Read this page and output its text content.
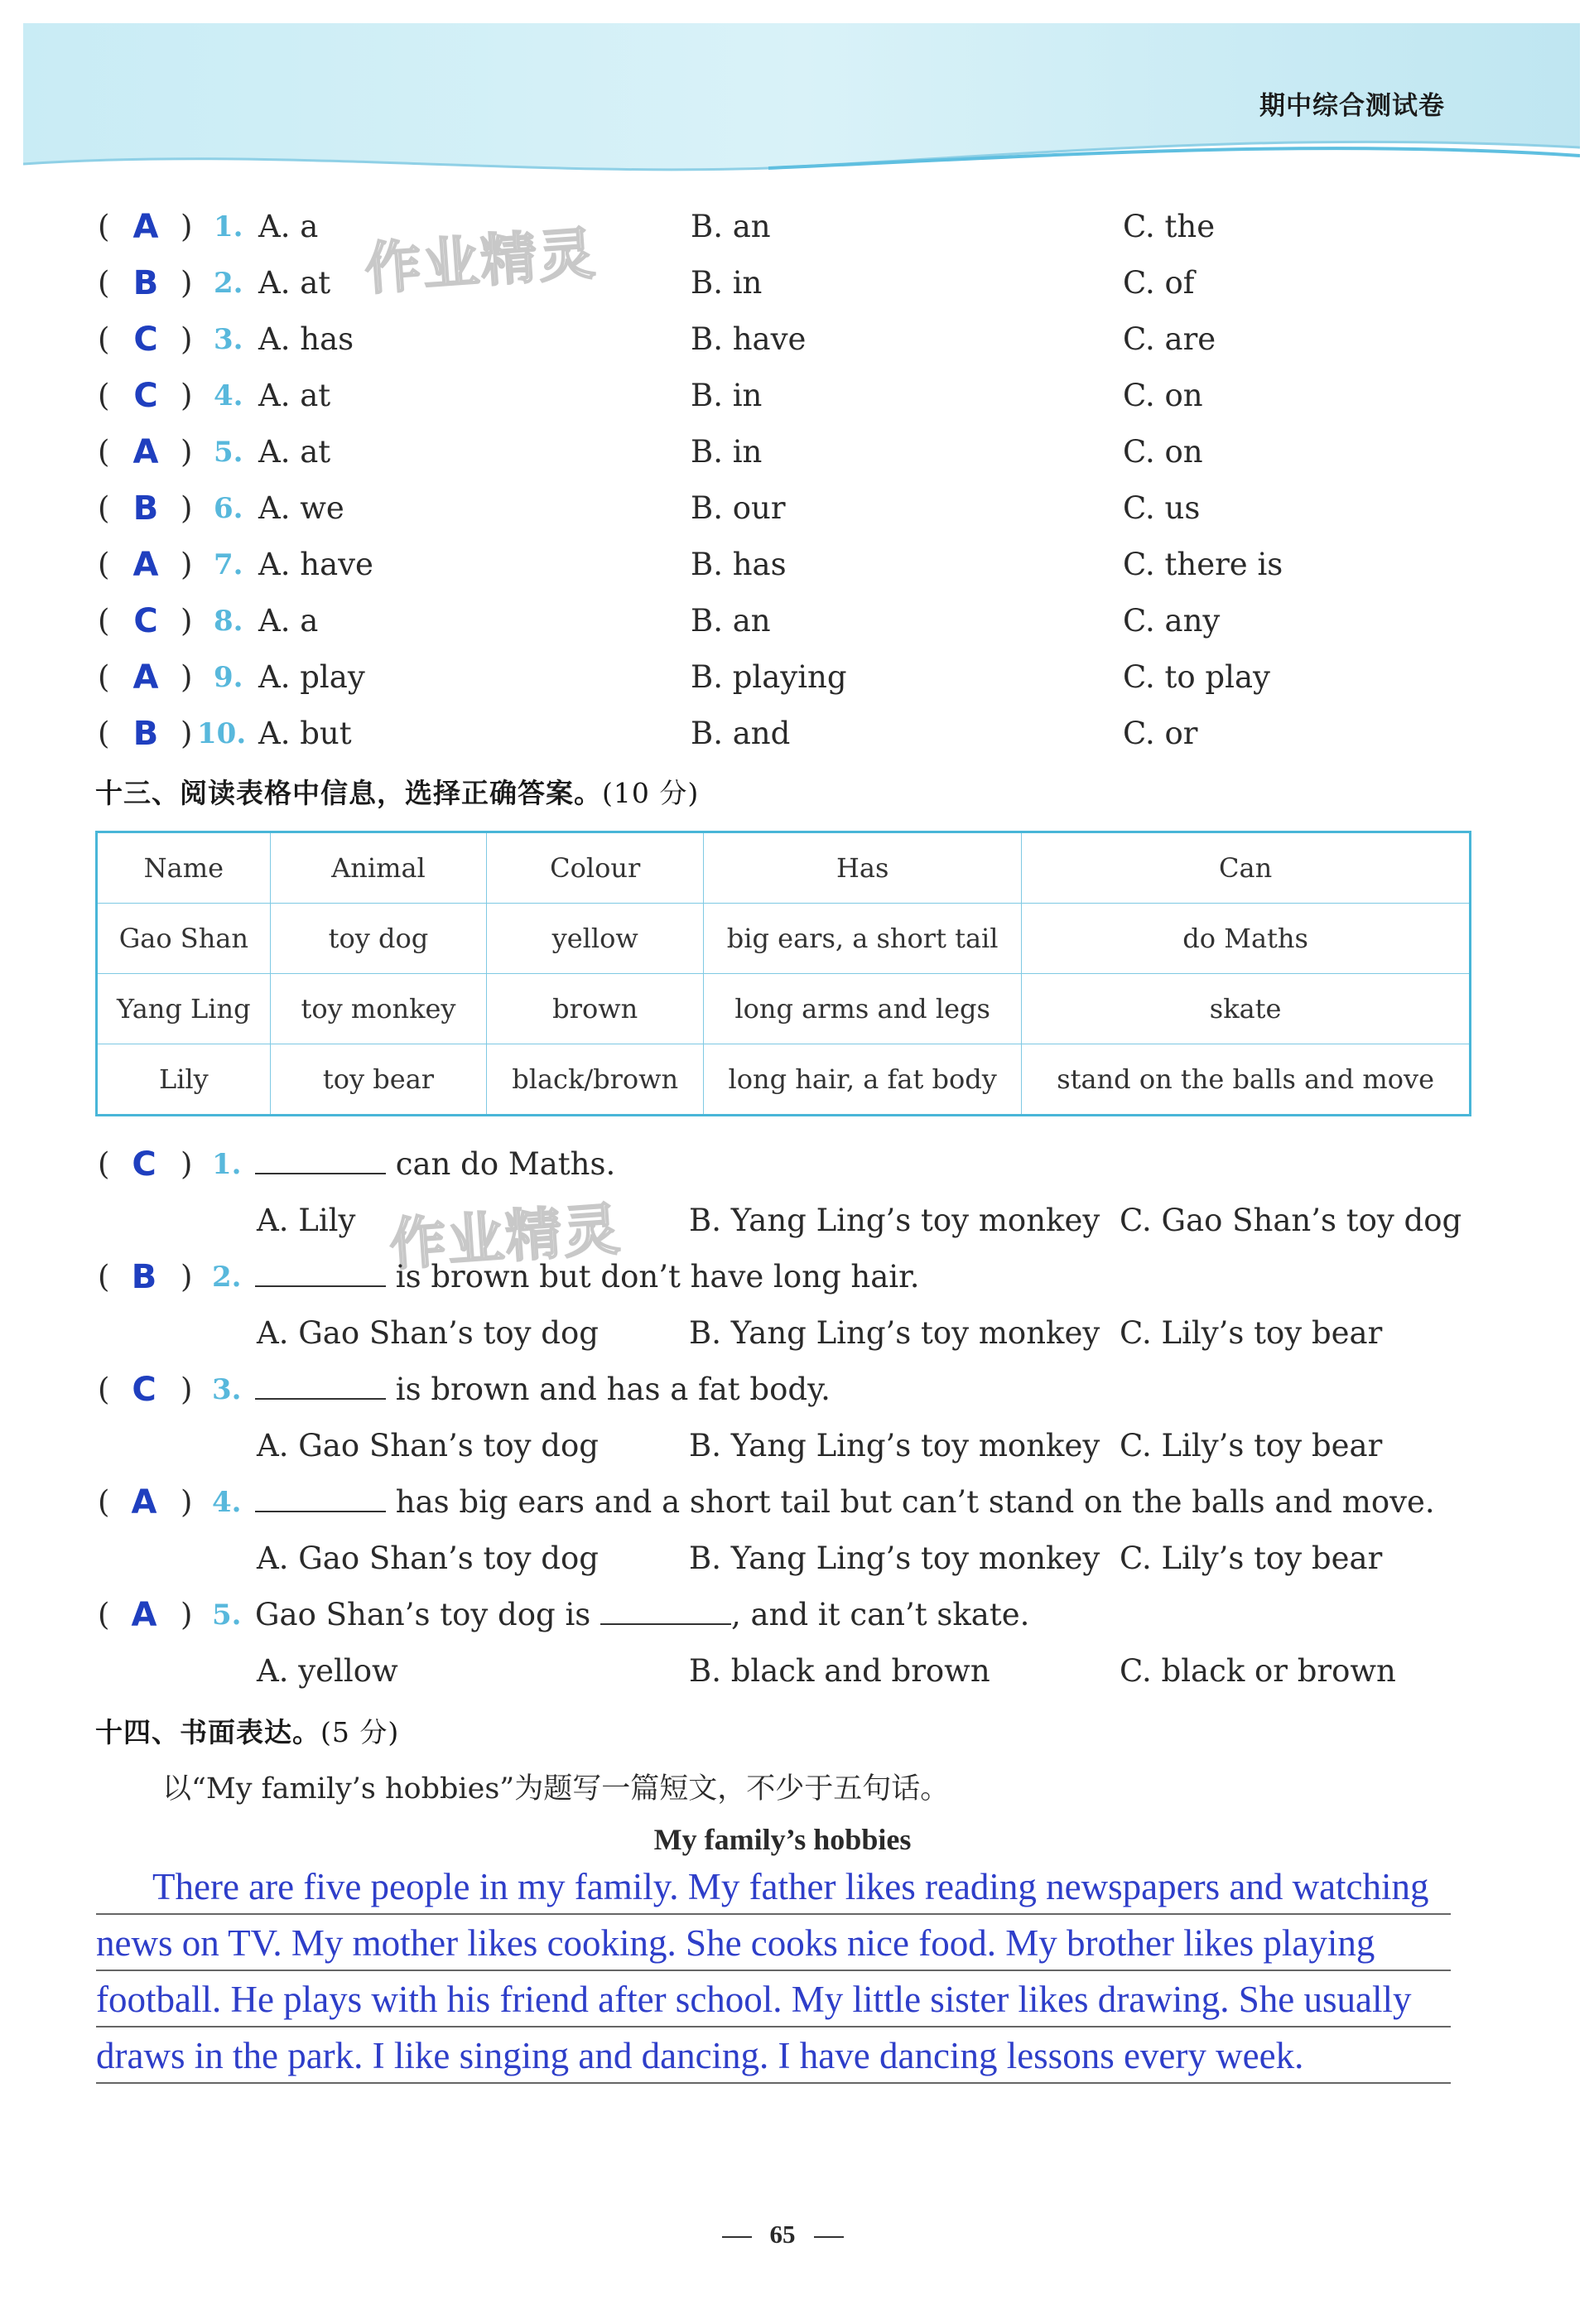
期中综合测试卷
作业精灵
作业精灵
( A ) 1. A. a	B. an	C. the
( B ) 2. A. at	B. in	C. of
( C ) 3. A. has	B. have	C. are
( C ) 4. A. at	B. in	C. on
( A ) 5. A. at	B. in	C. on
( B ) 6. A. we	B. our	C. us
( A ) 7. A. have	B. has	C. there is
( C ) 8. A. a	B. an	C. any
( A ) 9. A. play	B. playing	C. to play
( B ) 10. A. but	B. and	C. or
十三、阅读表格中信息，选择正确答案。(10 分)
Name	Animal	Colour	Has	Can
Gao Shan	toy dog	yellow	big ears, a short tail	do Maths
Yang Ling	toy monkey	brown	long arms and legs	skate
Lily	toy bear	black/brown	long hair, a fat body	stand on the balls and move
( C ) 1.	can do Maths.
A. Lily	B. Yang Ling’s toy monkey C. Gao Shan’s toy dog
( B ) 2.	is brown but don’t have long hair.
A. Gao Shan’s toy dog	B. Yang Ling’s toy monkey C. Lily’s toy bear
( C ) 3.	is brown and has a fat body.
A. Gao Shan’s toy dog	B. Yang Ling’s toy monkey C. Lily’s toy bear
( A ) 4.	has big ears and a short tail but can’t stand on the balls and move.
A. Gao Shan’s toy dog	B. Yang Ling’s toy monkey C. Lily’s toy bear
( A ) 5. Gao Shan’s toy dog is	, and it can’t skate.
A. yellow	B. black and brown	C. black or brown
十四、书面表达。(5 分)
以“My family’s hobbies”为题写一篇短文，不少于五句话。
My family’s hobbies
There are five people in my family. My father likes reading newspapers and watching
news on TV. My mother likes cooking. She cooks nice food. My brother likes playing
football. He plays with his friend after school. My little sister likes drawing. She usually
draws in the park. I like singing and dancing. I have dancing lessons every week.
65
